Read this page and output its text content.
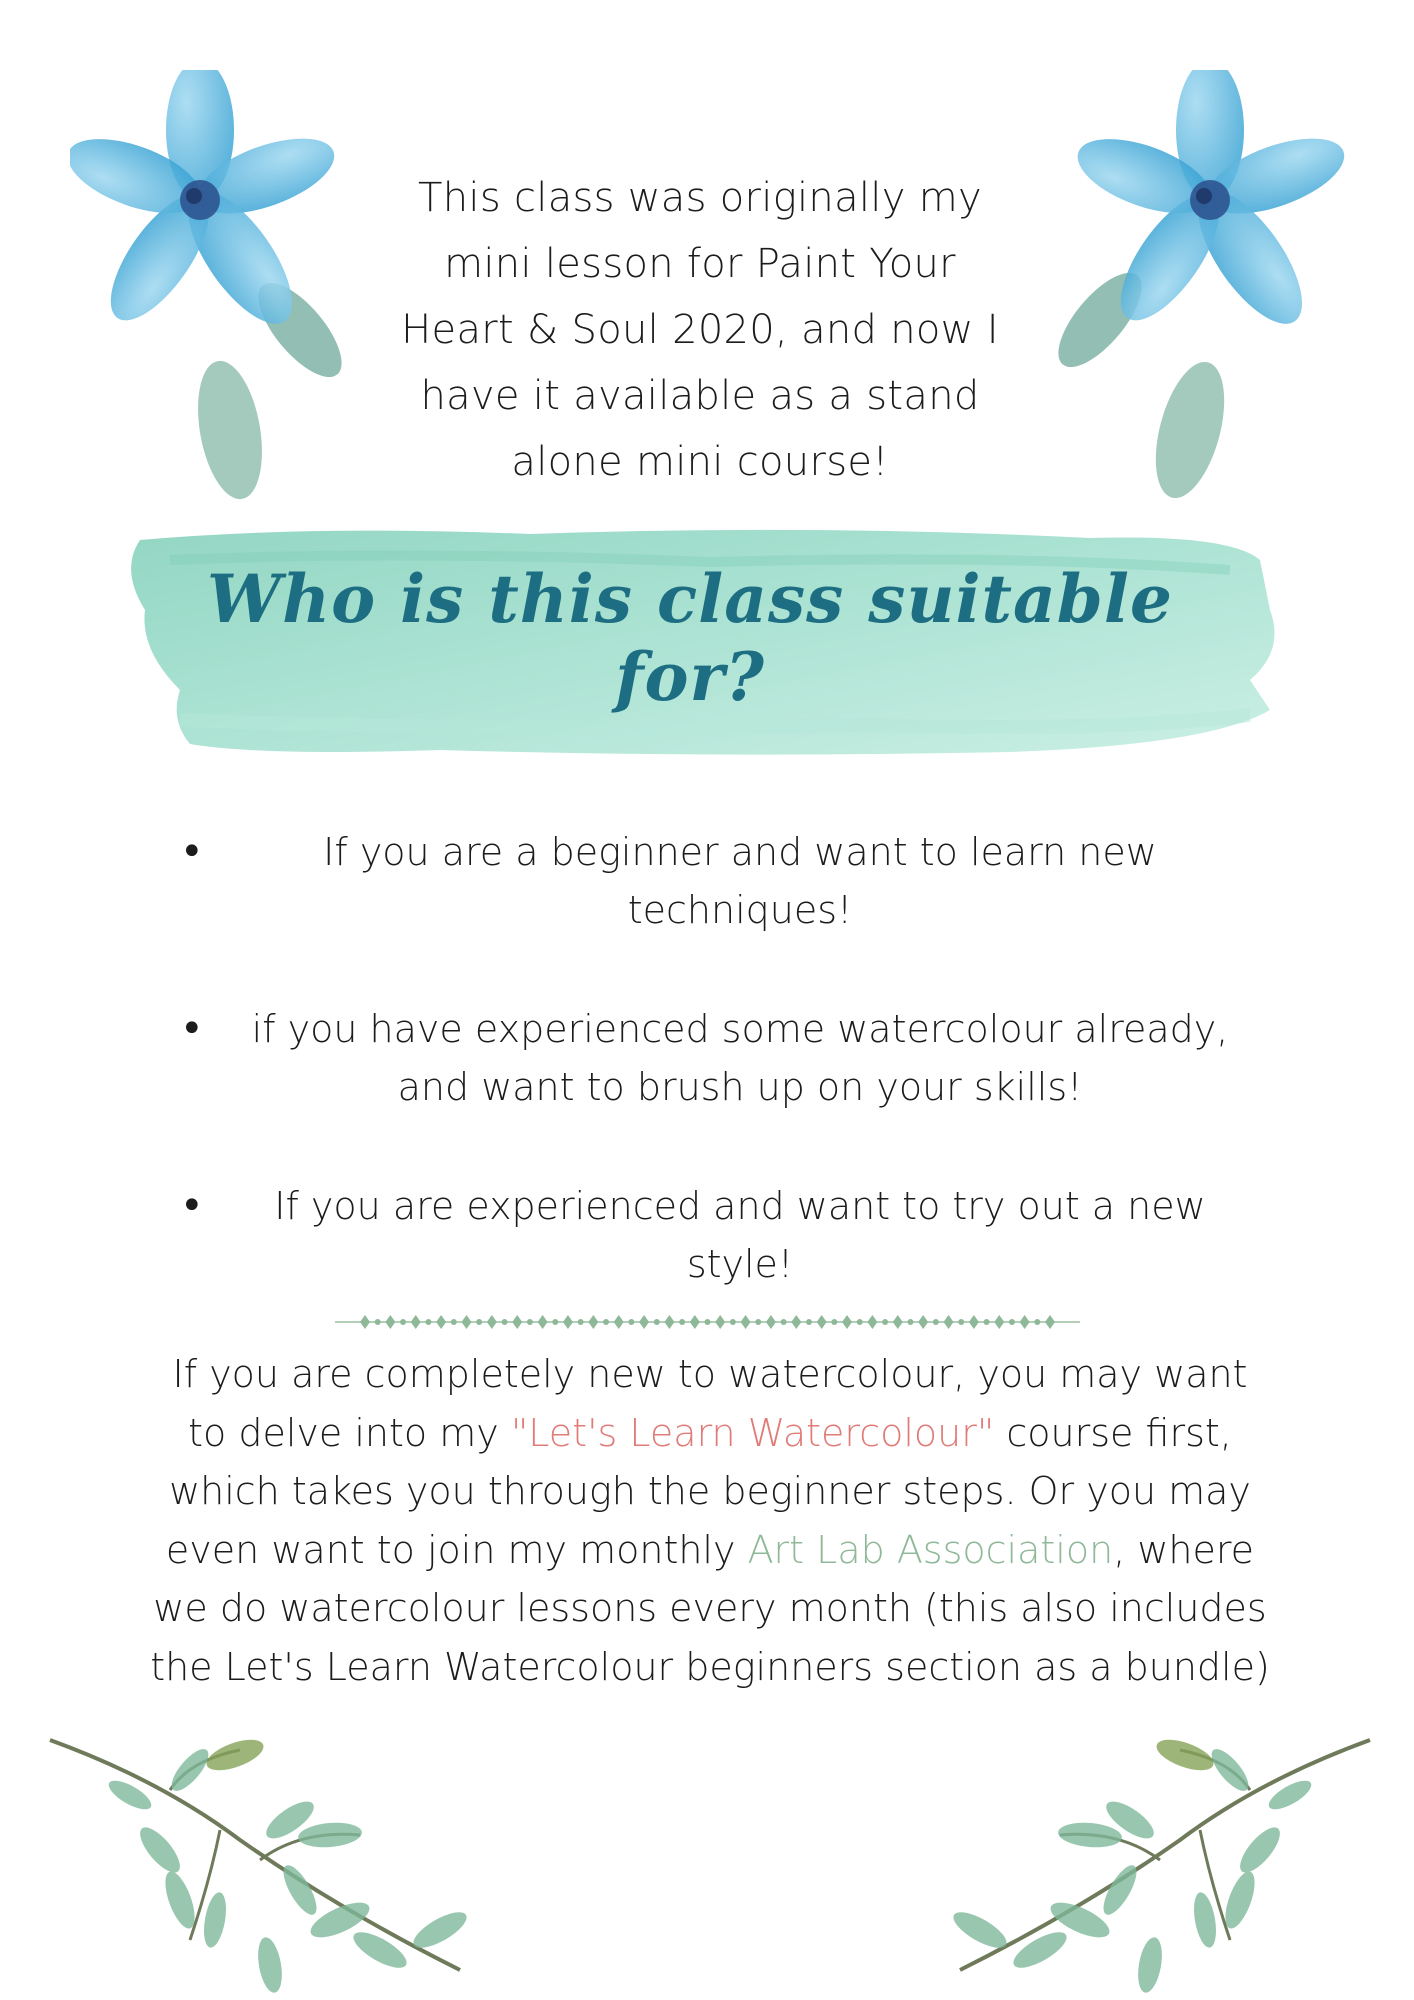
This class was originally my
mini lesson for Paint Your
Heart & Soul 2020, and now I
have it available as a stand
alone mini course!
Who is this class suitable for?
•	If you are a beginner and want to learn new
techniques!
•	if you have experienced some watercolour already,
and want to brush up on your skills!
•	If you are experienced and want to try out a new
style!
If you are completely new to watercolour, you may want
to delve into my "Let's Learn Watercolour" course first,
which takes you through the beginner steps. Or you may
even want to join my monthly Art Lab Association, where
we do watercolour lessons every month (this also includes
the Let's Learn Watercolour beginners section as a bundle)
